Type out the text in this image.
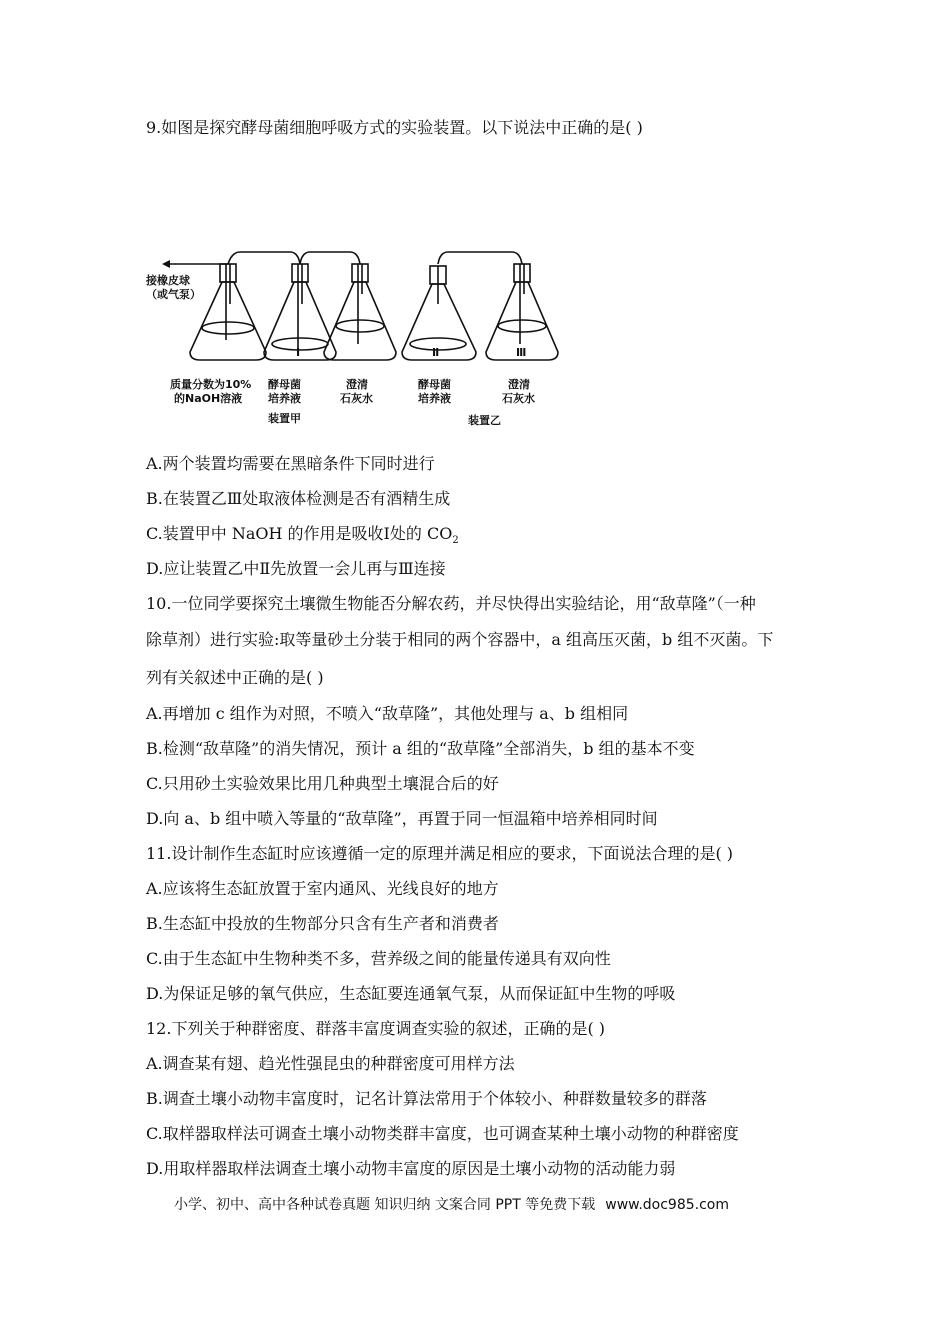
9.如图是探究酵母菌细胞呼吸方式的实验装置。以下说法中正确的是( )
接橡皮球
（或气泵）
I	Ⅱ	Ⅲ
质量分数为10%
的NaOH溶液
酵母菌
培养液
澄清
石灰水
酵母菌
培养液
澄清
石灰水
装置甲	装置乙
A.两个装置均需要在黑暗条件下同时进行
B.在装置乙Ⅲ处取液体检测是否有酒精生成
C.装置甲中 NaOH 的作用是吸收Ⅰ处的 $CO_2$
D.应让装置乙中Ⅱ先放置一会儿再与Ⅲ连接
10.一位同学要探究土壤微生物能否分解农药，并尽快得出实验结论，用“敌草隆”（一种
除草剂）进行实验:取等量砂土分装于相同的两个容器中，a 组高压灭菌，b 组不灭菌。下
列有关叙述中正确的是( )
A.再增加 c 组作为对照，不喷入“敌草隆”，其他处理与 a、b 组相同
B.检测“敌草隆”的消失情况，预计 a 组的“敌草隆”全部消失，b 组的基本不变
C.只用砂土实验效果比用几种典型土壤混合后的好
D.向 a、b 组中喷入等量的“敌草隆”，再置于同一恒温箱中培养相同时间
11.设计制作生态缸时应该遵循一定的原理并满足相应的要求，下面说法合理的是( )
A.应该将生态缸放置于室内通风、光线良好的地方
B.生态缸中投放的生物部分只含有生产者和消费者
C.由于生态缸中生物种类不多，营养级之间的能量传递具有双向性
D.为保证足够的氧气供应，生态缸要连通氧气泵，从而保证缸中生物的呼吸
12.下列关于种群密度、群落丰富度调查实验的叙述，正确的是( )
A.调查某有翅、趋光性强昆虫的种群密度可用样方法
B.调查土壤小动物丰富度时，记名计算法常用于个体较小、种群数量较多的群落
C.取样器取样法可调查土壤小动物类群丰富度，也可调查某种土壤小动物的种群密度
D.用取样器取样法调查土壤小动物丰富度的原因是土壤小动物的活动能力弱
小学、初中、高中各种试卷真题 知识归纳 文案合同 PPT 等免费下载 www.doc985.com
